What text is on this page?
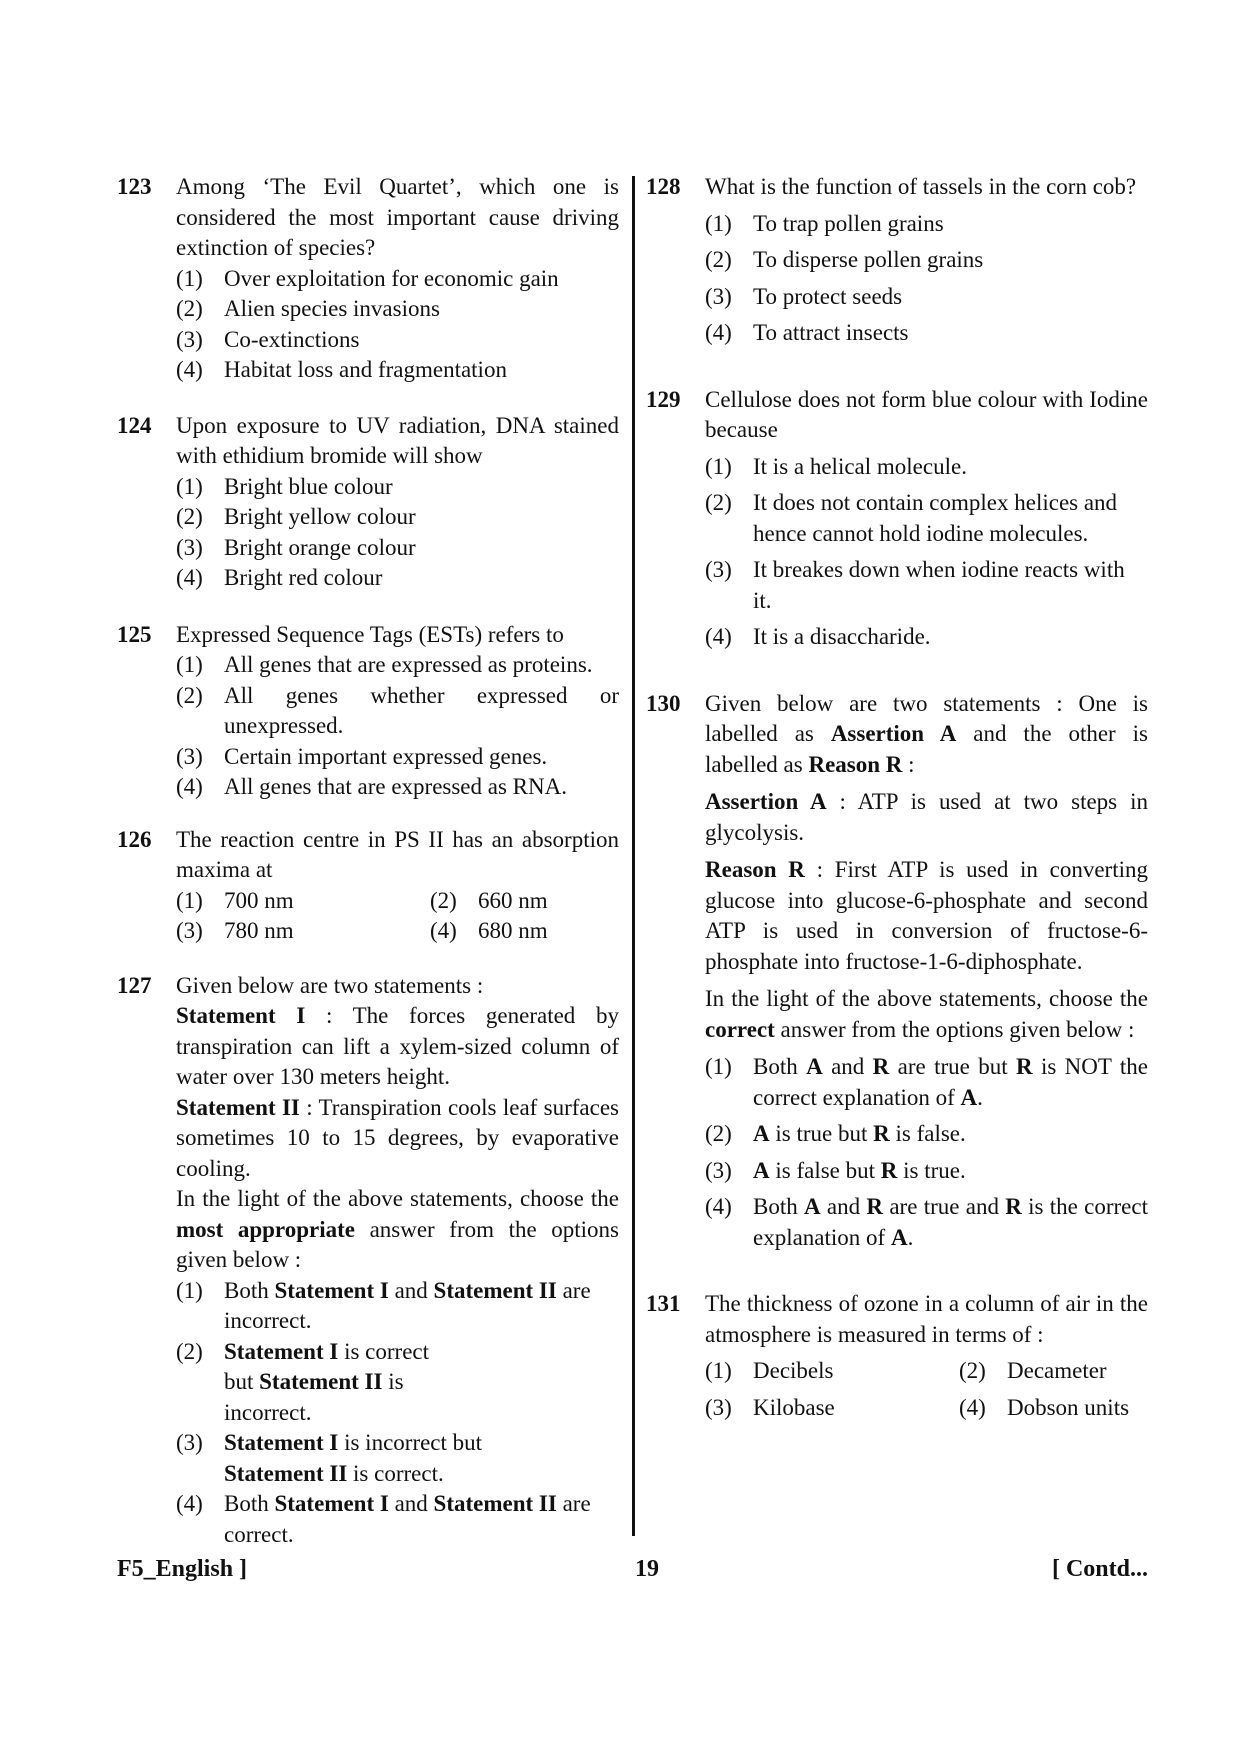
123 Among ‘The Evil Quartet’, which one is considered the most important cause driving extinction of species?
(1) Over exploitation for economic gain
(2) Alien species invasions
(3) Co-extinctions
(4) Habitat loss and fragmentation
124 Upon exposure to UV radiation, DNA stained with ethidium bromide will show
(1) Bright blue colour
(2) Bright yellow colour
(3) Bright orange colour
(4) Bright red colour
125 Expressed Sequence Tags (ESTs) refers to
(1) All genes that are expressed as proteins.
(2) All genes whether expressed or unexpressed.
(3) Certain important expressed genes.
(4) All genes that are expressed as RNA.
126 The reaction centre in PS II has an absorption maxima at
(1) 700 nm	(2) 660 nm
(3) 780 nm	(4) 680 nm
127 Given below are two statements :

Statement I : The forces generated by transpiration can lift a xylem-sized column of water over 130 meters height.

Statement II : Transpiration cools leaf surfaces sometimes 10 to 15 degrees, by evaporative cooling.

In the light of the above statements, choose the most appropriate answer from the options given below :

(1) Both Statement I and Statement II are incorrect.
(2) Statement I is correct but Statement II is incorrect.
(3) Statement I is incorrect but Statement II is correct.
(4) Both Statement I and Statement II are correct.
128 What is the function of tassels in the corn cob?
(1) To trap pollen grains
(2) To disperse pollen grains
(3) To protect seeds
(4) To attract insects
129 Cellulose does not form blue colour with Iodine because
(1) It is a helical molecule.
(2) It does not contain complex helices and hence cannot hold iodine molecules.
(3) It breakes down when iodine reacts with it.
(4) It is a disaccharide.
130 Given below are two statements : One is labelled as Assertion A and the other is labelled as Reason R :

Assertion A : ATP is used at two steps in glycolysis.

Reason R : First ATP is used in converting glucose into glucose-6-phosphate and second ATP is used in conversion of fructose-6-phosphate into fructose-1-6-diphosphate.

In the light of the above statements, choose the correct answer from the options given below :

(1) Both A and R are true but R is NOT the correct explanation of A.
(2) A is true but R is false.
(3) A is false but R is true.
(4) Both A and R are true and R is the correct explanation of A.
131 The thickness of ozone in a column of air in the atmosphere is measured in terms of :
(1) Decibels	(2) Decameter
(3) Kilobase	(4) Dobson units
F5_English ]	19	[ Contd...
